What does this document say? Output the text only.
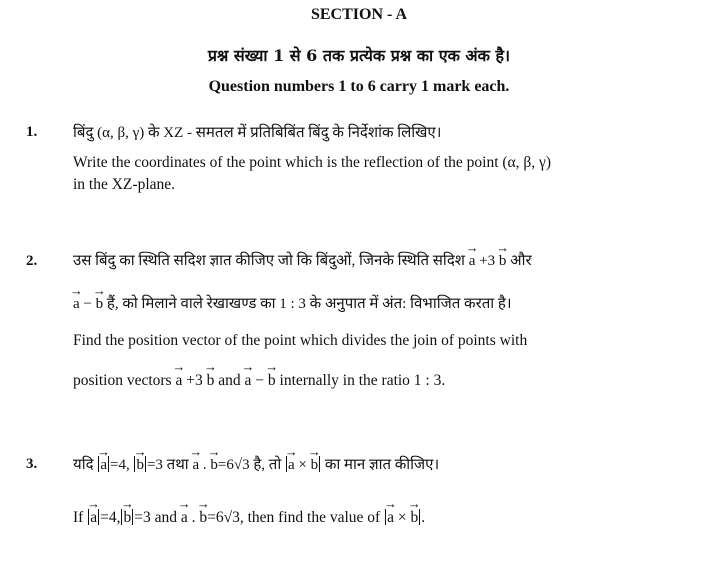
SECTION - A
प्रश्न संख्या 1 से 6 तक प्रत्येक प्रश्न का एक अंक है।
Question numbers 1 to 6 carry 1 mark each.
1. बिंदु (α, β, γ) के XZ - समतल में प्रतिबिबिंत बिंदु के निर्देशांक लिखिए।
Write the coordinates of the point which is the reflection of the point (α, β, γ)
in the XZ-plane.
2. उस बिंदु का स्थिति सदिश ज्ञात कीजिए जो कि बिंदुओं, जिनके स्थिति सदिश → a +3 → b और
→ a − → b हैं, को मिलाने वाले रेखाखण्ड का 1 : 3 के अनुपात में अंत: विभाजित करता है।
Find the position vector of the point which divides the join of points with
position vectors → a +3 → b and → a − → b internally in the ratio 1 : 3.
3. यदि → a =4, → b =3 तथा → a . → b=6√3 है, तो → a × → b का मान ज्ञात कीजिए।
If → a =4, → b =3 and → a . → b=6√3, then find the value of → a × → b .
